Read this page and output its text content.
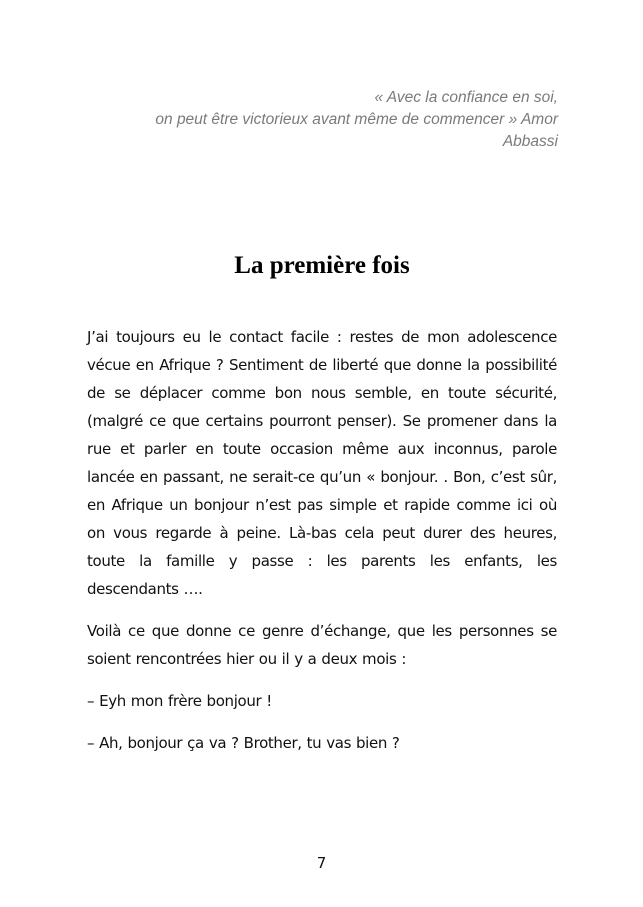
« Avec la confiance en soi,
on peut être victorieux avant même de commencer » Amor
Abbassi
La première fois

J’ai toujours eu le contact facile : restes de mon adolescence vécue en Afrique ? Sentiment de liberté que donne la possibilité de se déplacer comme bon nous semble, en toute sécurité, (malgré ce que certains pourront penser). Se promener dans la rue et parler en toute occasion même aux inconnus, parole lancée en passant, ne serait-ce qu’un « bonjour. . Bon, c’est sûr, en Afrique un bonjour n’est pas simple et rapide comme ici où on vous regarde à peine. Là-bas cela peut durer des heures, toute la famille y passe : les parents les enfants, les descendants ….

Voilà ce que donne ce genre d’échange, que les personnes se soient rencontrées hier ou il y a deux mois :

– Eyh mon frère bonjour !

– Ah, bonjour ça va ? Brother, tu vas bien ?

7
